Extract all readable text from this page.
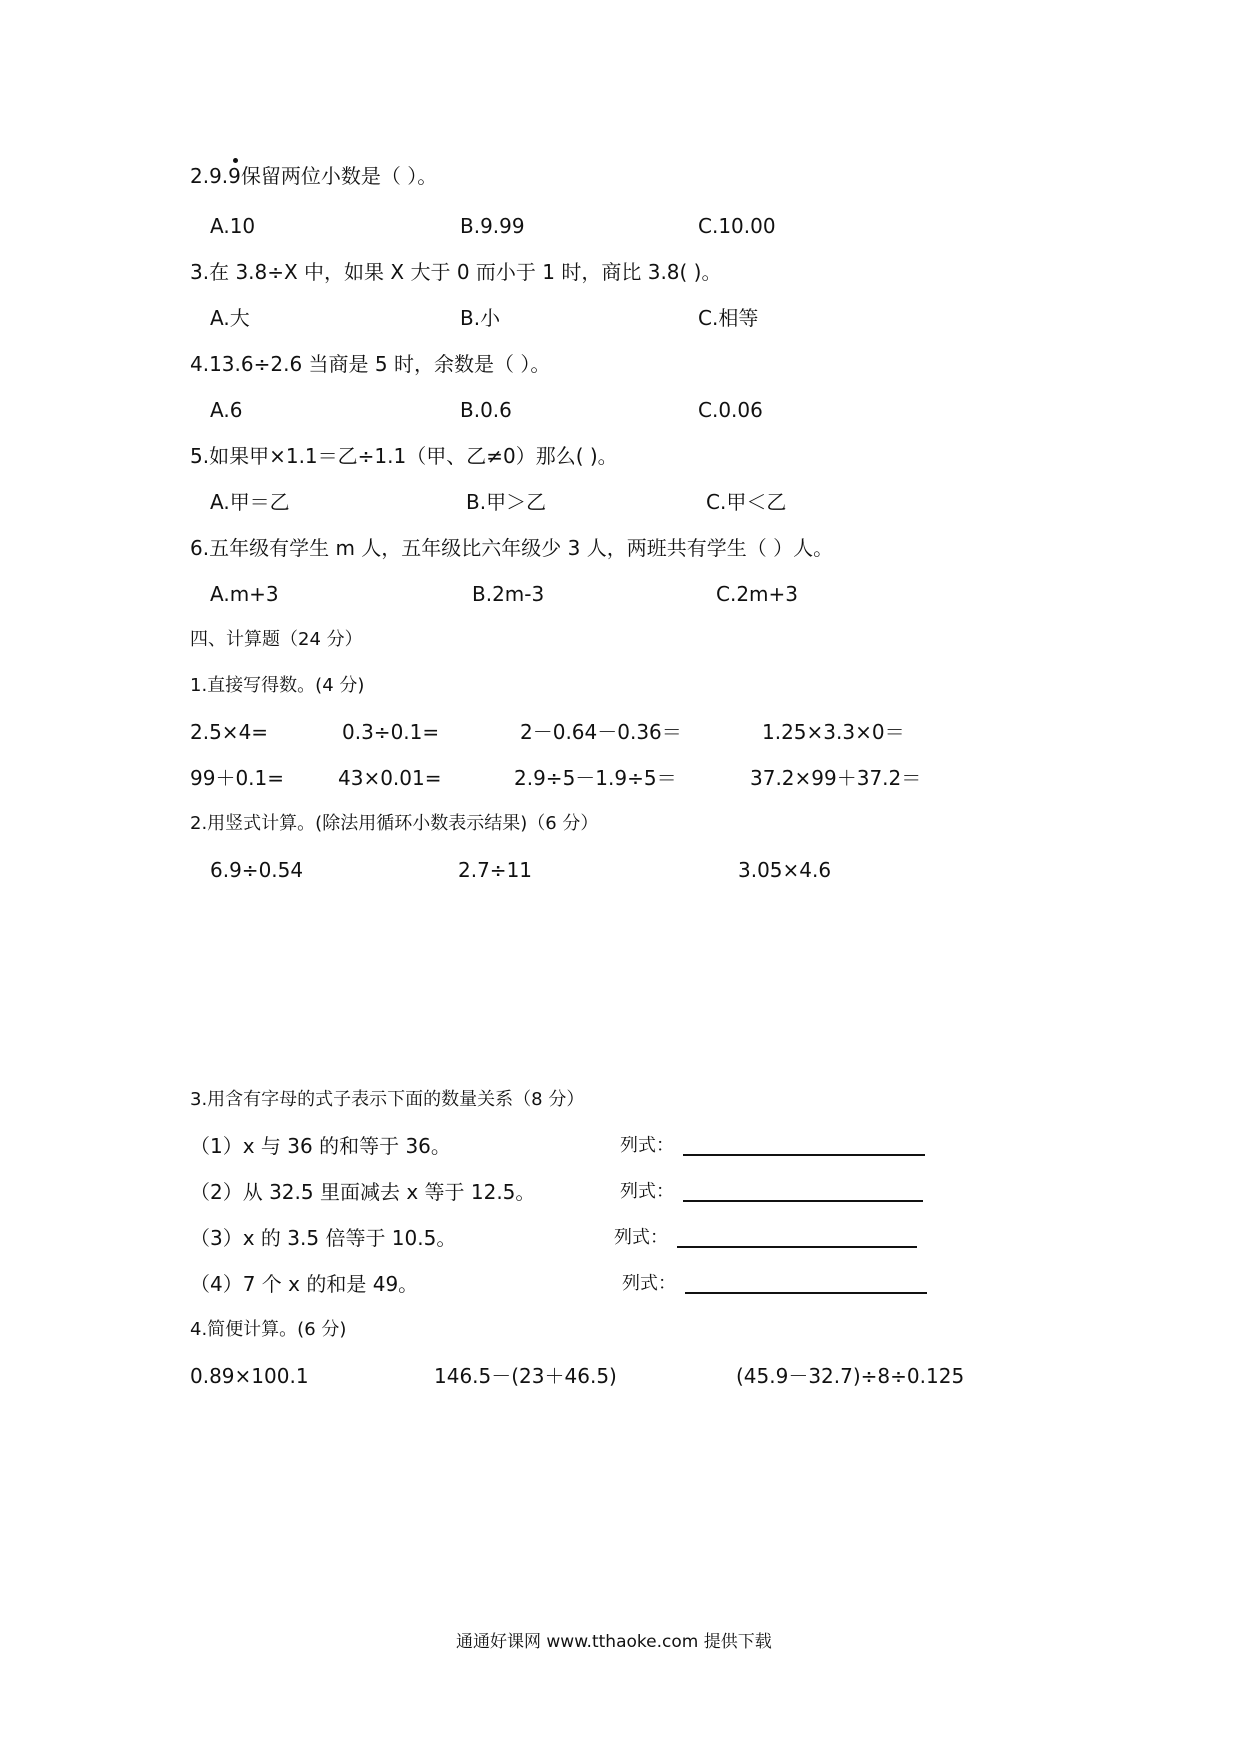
2.9.9保留两位小数是（ ）。
A.10	B.9.99	C.10.00
3.在 3.8÷X 中，如果 X 大于 0 而小于 1 时，商比 3.8( )。
A.大	B.小	C.相等
4.13.6÷2.6 当商是 5 时，余数是（ ）。
A.6	B.0.6	C.0.06
5.如果甲×1.1＝乙÷1.1（甲、乙≠0）那么( )。
A.甲＝乙	B.甲＞乙	C.甲＜乙
6.五年级有学生 m 人，五年级比六年级少 3 人，两班共有学生（ ）人。
A.m+3	B.2m-3	C.2m+3
四、计算题（24 分）
1.直接写得数。(4 分)
2.5×4=	0.3÷0.1=	2－0.64－0.36＝	1.25×3.3×0＝
99＋0.1=	43×0.01=	2.9÷5－1.9÷5＝	37.2×99＋37.2＝
2.用竖式计算。(除法用循环小数表示结果)（6 分）
6.9÷0.54	2.7÷11	3.05×4.6
3.用含有字母的式子表示下面的数量关系（8 分）
（1）x 与 36 的和等于 36。	列式：
（2）从 32.5 里面减去 x 等于 12.5。	列式：
（3）x 的 3.5 倍等于 10.5。	列式：
（4）7 个 x 的和是 49。	列式：
4.简便计算。(6 分)
0.89×100.1	146.5－(23＋46.5)	(45.9－32.7)÷8÷0.125
通通好课网 www.tthaoke.com 提供下载
